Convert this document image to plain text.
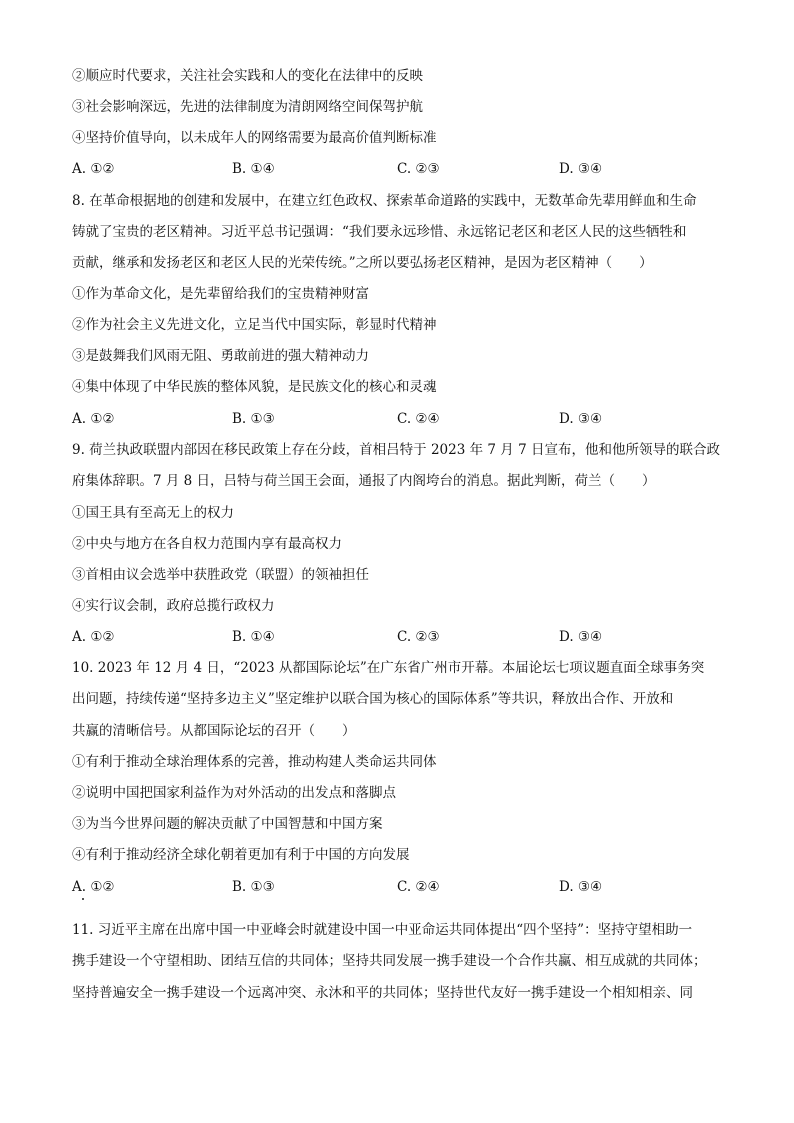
②顺应时代要求，关注社会实践和人的变化在法律中的反映
③社会影响深远，先进的法律制度为清朗网络空间保驾护航
④坚持价值导向，以未成年人的网络需要为最高价值判断标准
A. ①②	B. ①④	C. ②③	D. ③④
8. 在革命根据地的创建和发展中，在建立红色政权、探索革命道路的实践中，无数革命先辈用鲜血和生命
铸就了宝贵的老区精神。习近平总书记强调：“我们要永远珍惜、永远铭记老区和老区人民的这些牺牲和
贡献，继承和发扬老区和老区人民的光荣传统。”之所以要弘扬老区精神，是因为老区精神（　　）
①作为革命文化，是先辈留给我们的宝贵精神财富
②作为社会主义先进文化，立足当代中国实际，彰显时代精神
③是鼓舞我们风雨无阻、勇敢前进的强大精神动力
④集中体现了中华民族的整体风貌，是民族文化的核心和灵魂
A. ①②	B. ①③	C. ②④	D. ③④
9. 荷兰执政联盟内部因在移民政策上存在分歧，首相吕特于 2023 年 7 月 7 日宣布，他和他所领导的联合政
府集体辞职。7 月 8 日，吕特与荷兰国王会面，通报了内阁垮台的消息。据此判断，荷兰（　　）
①国王具有至高无上的权力
②中央与地方在各自权力范围内享有最高权力
③首相由议会选举中获胜政党（联盟）的领袖担任
④实行议会制，政府总揽行政权力
A. ①②	B. ①④	C. ②③	D. ③④
10. 2023 年 12 月 4 日，“2023 从都国际论坛”在广东省广州市开幕。本届论坛七项议题直面全球事务突
出问题，持续传递“坚持多边主义”坚定维护以联合国为核心的国际体系”等共识，释放出合作、开放和
共赢的清晰信号。从都国际论坛的召开（　　）
①有利于推动全球治理体系的完善，推动构建人类命运共同体
②说明中国把国家利益作为对外活动的出发点和落脚点
③为当今世界问题的解决贡献了中国智慧和中国方案
④有利于推动经济全球化朝着更加有利于中国的方向发展
A. ①②	B. ①③	C. ②④	D. ③④
11. 习近平主席在出席中国一中亚峰会时就建设中国一中亚命运共同体提出“四个坚持”：坚持守望相助一
携手建设一个守望相助、团结互信的共同体；坚持共同发展一携手建设一个合作共赢、相互成就的共同体；
坚持普遍安全一携手建设一个远离冲突、永沐和平的共同体；坚持世代友好一携手建设一个相知相亲、同
